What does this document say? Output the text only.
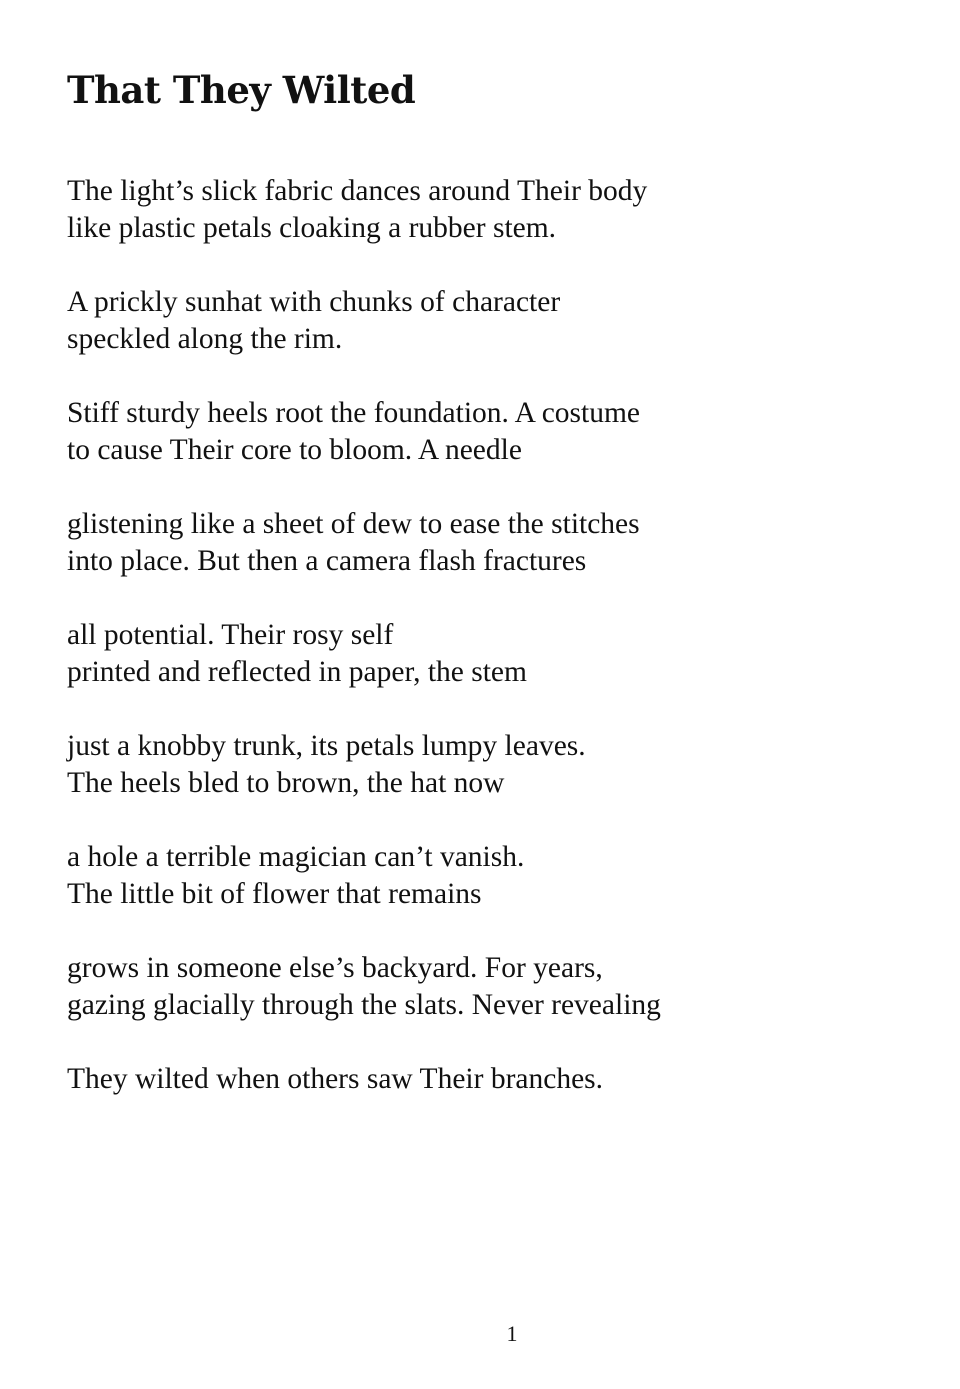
That They Wilted
The light’s slick fabric dances around Their body
like plastic petals cloaking a rubber stem.
A prickly sunhat with chunks of character
speckled along the rim.
Stiff sturdy heels root the foundation. A costume
to cause Their core to bloom. A needle
glistening like a sheet of dew to ease the stitches
into place. But then a camera flash fractures
all potential. Their rosy self
printed and reflected in paper, the stem
just a knobby trunk, its petals lumpy leaves.
The heels bled to brown, the hat now
a hole a terrible magician can’t vanish.
The little bit of flower that remains
grows in someone else’s backyard. For years,
gazing glacially through the slats. Never revealing
They wilted when others saw Their branches.
1
